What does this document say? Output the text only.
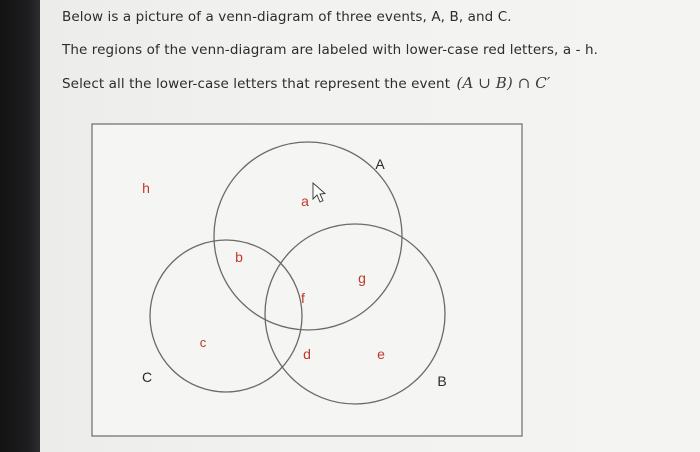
Below is a picture of a venn-diagram of three events, A, B, and C.
The regions of the venn-diagram are labeled with lower-case red letters, a - h.
Select all the lower-case letters that represent the event (A ∪ B) ∩ C′
A
B
C
h
a
b
g
f
c
d	e
